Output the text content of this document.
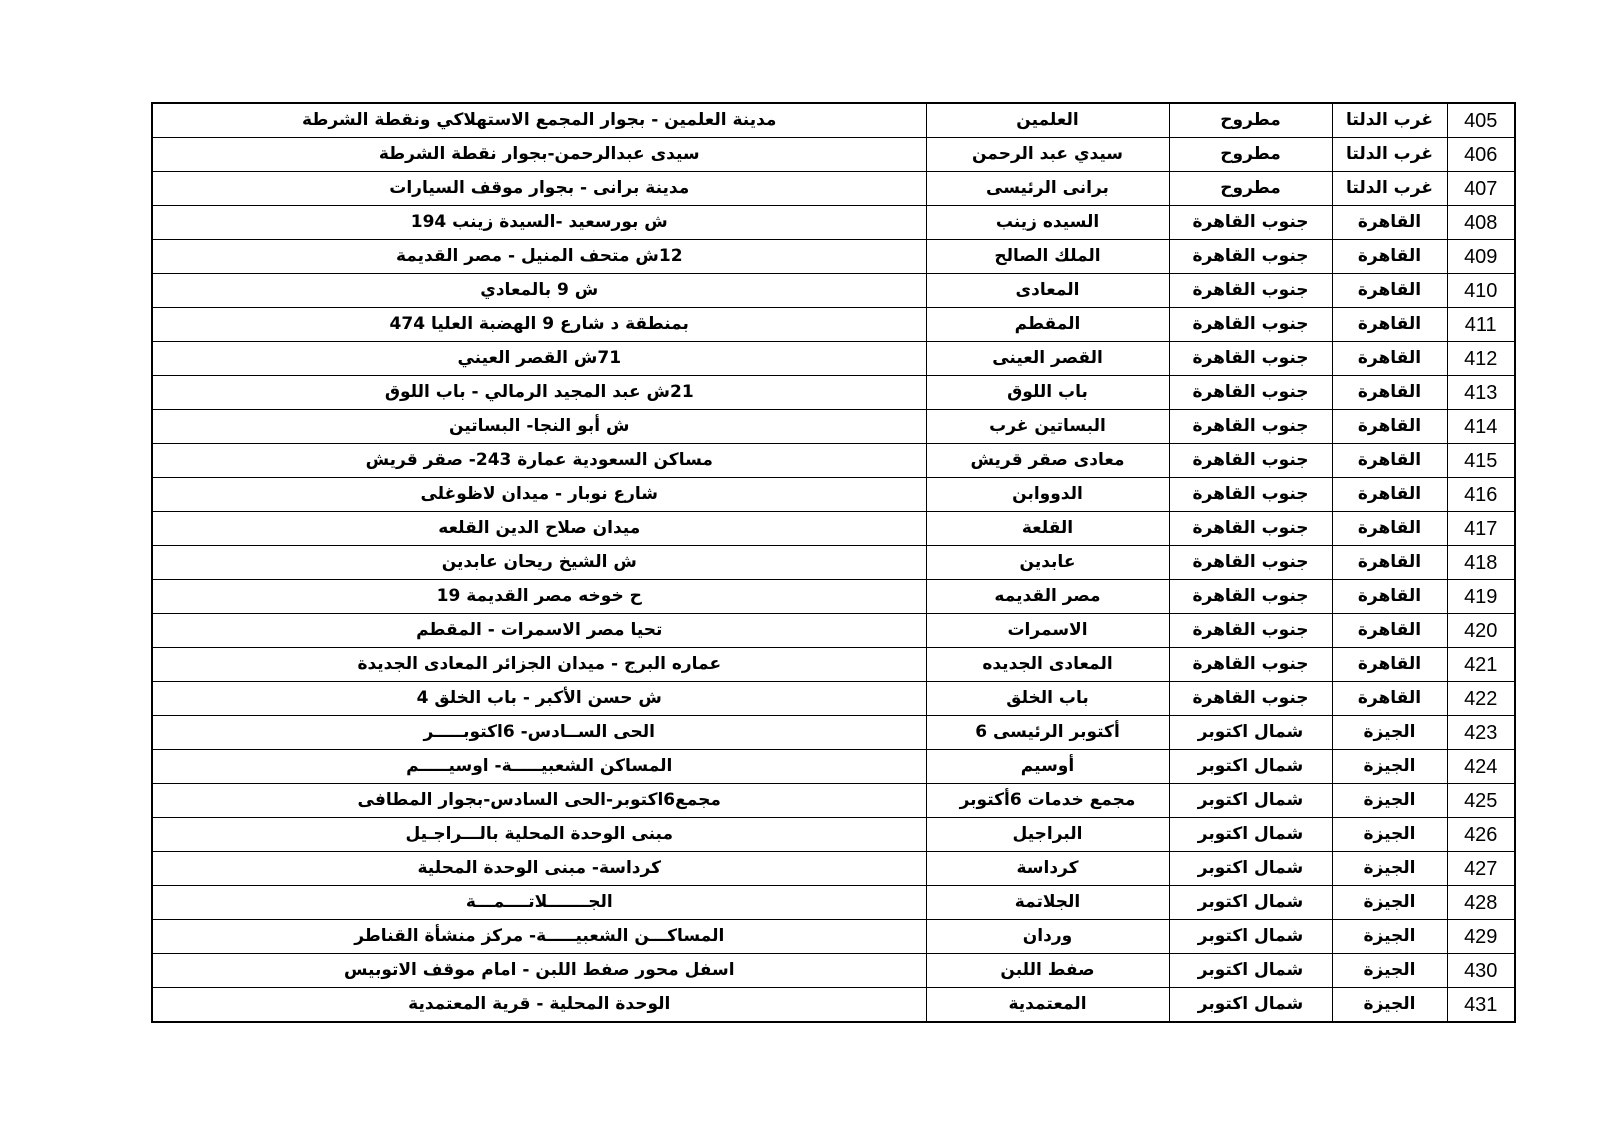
405	غرب الدلتا	مطروح	العلمين	مدينة العلمين - بجوار المجمع الاستهلاكي ونقطة الشرطة
406	غرب الدلتا	مطروح	سيدي عبد الرحمن	سيدى عبدالرحمن-بجوار نقطة الشرطة
407	غرب الدلتا	مطروح	برانى الرئيسى	مدينة برانى - بجوار موقف السيارات
408	القاهرة	جنوب القاهرة	السيده زينب	ش بورسعيد -السيدة زينب 194
409	القاهرة	جنوب القاهرة	الملك الصالح	12ش متحف المنيل - مصر القديمة
410	القاهرة	جنوب القاهرة	المعادى	ش 9 بالمعادي
411	القاهرة	جنوب القاهرة	المقطم	بمنطقة د شارع 9 الهضبة العليا 474
412	القاهرة	جنوب القاهرة	القصر العينى	71ش القصر العيني
413	القاهرة	جنوب القاهرة	باب اللوق	21ش عبد المجيد الرمالي - باب اللوق
414	القاهرة	جنوب القاهرة	البساتين غرب	ش أبو النجا- البساتين
415	القاهرة	جنوب القاهرة	معادى صقر قريش	مساكن السعودية عمارة 243- صقر قريش
416	القاهرة	جنوب القاهرة	الدووابن	شارع نوبار - ميدان لاظوغلى
417	القاهرة	جنوب القاهرة	القلعة	ميدان صلاح الدين القلعه
418	القاهرة	جنوب القاهرة	عابدين	ش الشيخ ريحان عابدين
419	القاهرة	جنوب القاهرة	مصر القديمه	ح خوخه مصر القديمة 19
420	القاهرة	جنوب القاهرة	الاسمرات	تحيا مصر الاسمرات - المقطم
421	القاهرة	جنوب القاهرة	المعادى الجديده	عماره البرج - ميدان الجزائر المعادى الجديدة
422	القاهرة	جنوب القاهرة	باب الخلق	ش حسن الأكبر - باب الخلق 4
423	الجيزة	شمال اكتوبر	أكتوبر الرئيسى 6	الحى الســادس- 6اكتوبـــــر
424	الجيزة	شمال اكتوبر	أوسيم	المساكن الشعبيـــــة- اوسيـــــم
425	الجيزة	شمال اكتوبر	مجمع خدمات 6أكتوبر	مجمع6اكتوبر-الحى السادس-بجوار المطافى
426	الجيزة	شمال اكتوبر	البراجيل	مبنى الوحدة المحلية بالـــراجـيل
427	الجيزة	شمال اكتوبر	كرداسة	كرداسة- مبنى الوحدة المحلية
428	الجيزة	شمال اكتوبر	الجلاتمة	الجـــــــلاتــــمـــة
429	الجيزة	شمال اكتوبر	وردان	المساكـــن الشعبيـــــة- مركز منشأة القناطر
430	الجيزة	شمال اكتوبر	صفط اللبن	اسفل محور صفط اللبن - امام موقف الاتوبيس
431	الجيزة	شمال اكتوبر	المعتمدية	الوحدة المحلية - قرية المعتمدية
